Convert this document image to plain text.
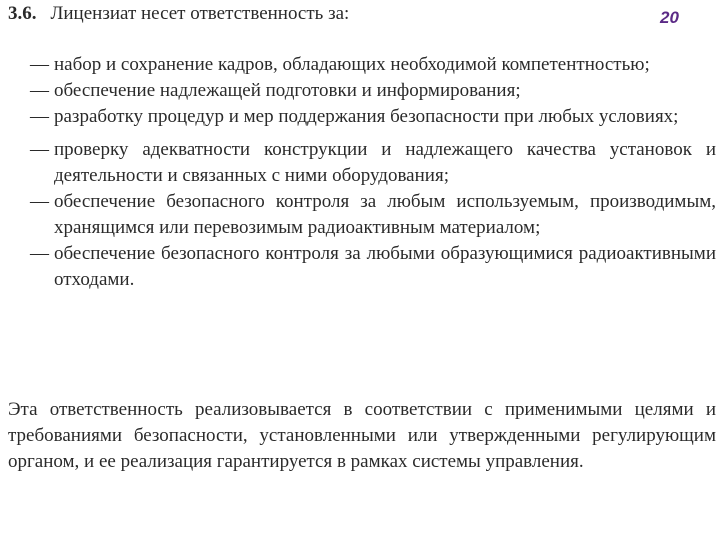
3.6. Лицензиат несет ответственность за:	20
— набор и сохранение кадров, обладающих необходимой компетентностью;
— обеспечение надлежащей подготовки и информирования;
— разработку процедур и мер поддержания безопасности при любых условиях;
— проверку адекватности конструкции и надлежащего качества установок и деятельности и связанных с ними оборудования;
— обеспечение безопасного контроля за любым используемым, производимым, хранящимся или перевозимым радиоактивным материалом;
— обеспечение безопасного контроля за любыми образующимися радиоактивными отходами.

Эта ответственность реализовывается в соответствии с применимыми целями и требованиями безопасности, установленными или утвержденными регулирующим органом, и ее реализация гарантируется в рамках системы управления.
